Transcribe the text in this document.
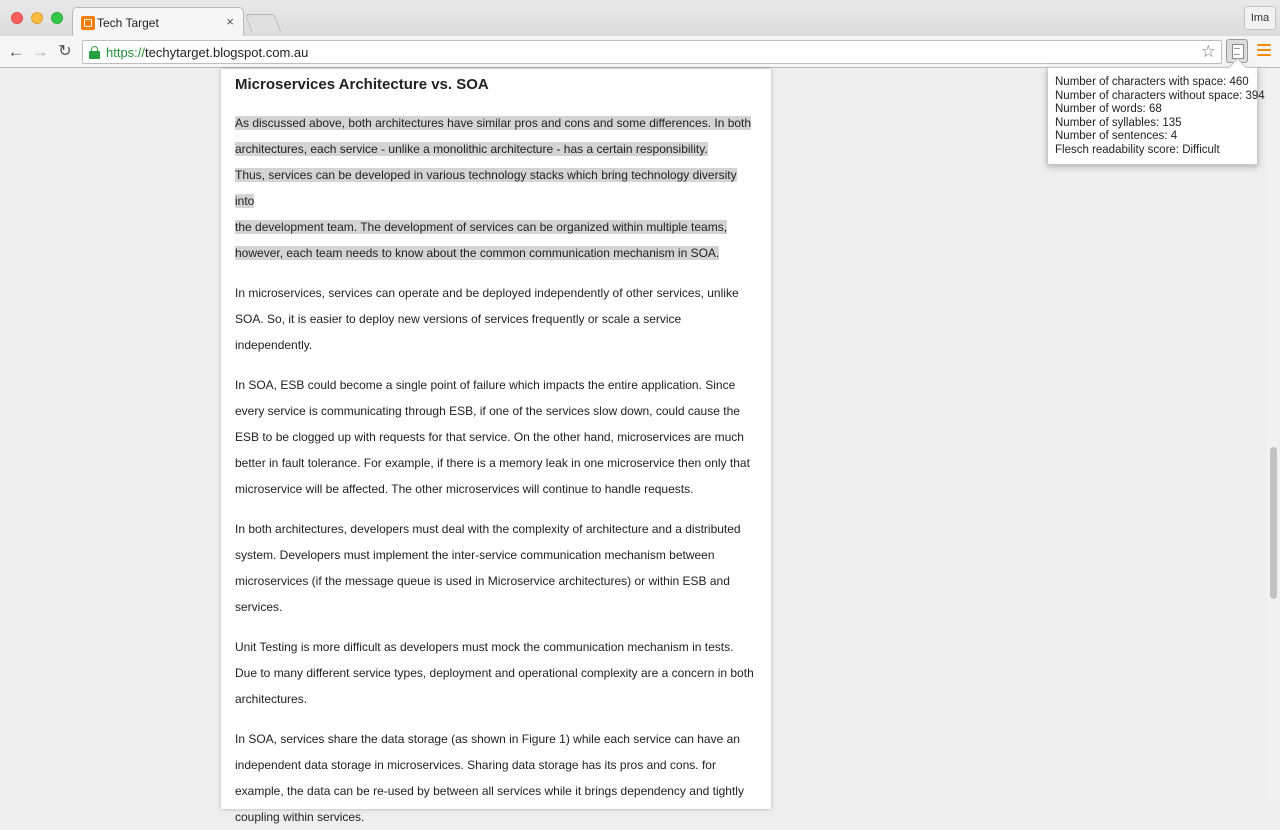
Tech Target	×	Ima
← → ↻	https://techytarget.blogspot.com.au	☆
Microservices Architecture vs. SOA

As discussed above, both architectures have similar pros and cons and some differences. In both
architectures, each service - unlike a monolithic architecture - has a certain responsibility.
Thus, services can be developed in various technology stacks which bring technology diversity into
the development team. The development of services can be organized within multiple teams,
however, each team needs to know about the common communication mechanism in SOA.

In microservices, services can operate and be deployed independently of other services, unlike SOA. So, it is easier to deploy new versions of services frequently or scale a service independently.

In SOA, ESB could become a single point of failure which impacts the entire application. Since every service is communicating through ESB, if one of the services slow down, could cause the ESB to be clogged up with requests for that service. On the other hand, microservices are much better in fault tolerance. For example, if there is a memory leak in one microservice then only that microservice will be affected. The other microservices will continue to handle requests.

In both architectures, developers must deal with the complexity of architecture and a distributed system. Developers must implement the inter-service communication mechanism between microservices (if the message queue is used in Microservice architectures) or within ESB and services.

Unit Testing is more difficult as developers must mock the communication mechanism in tests. Due to many different service types, deployment and operational complexity are a concern in both architectures.

In SOA, services share the data storage (as shown in Figure 1) while each service can have an independent data storage in microservices. Sharing data storage has its pros and cons. for example, the data can be re-used by between all services while it brings dependency and tightly coupling within services.

Number of characters with space: 460
Number of characters without space: 394
Number of words: 68
Number of syllables: 135
Number of sentences: 4
Flesch readability score: Difficult
